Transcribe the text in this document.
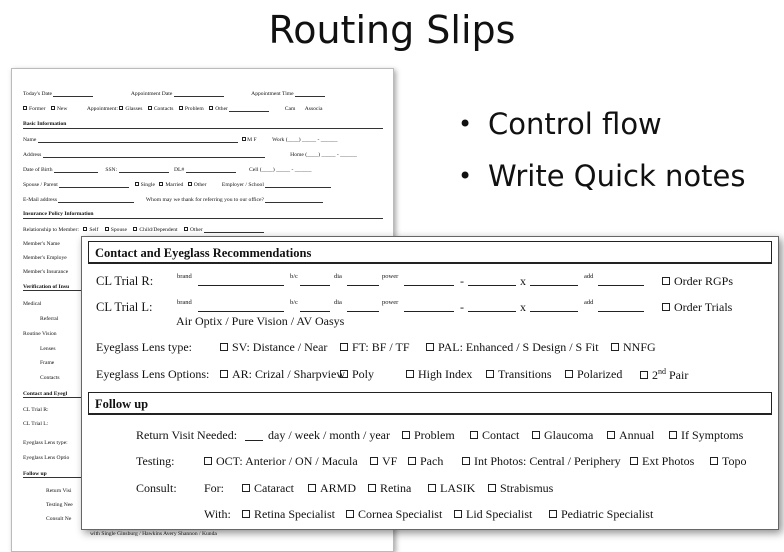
Routing Slips
• Control flow
• Write Quick notes
Today's Date	Appointment Date	Appointment Time
Former New	Appointment: Glasses Contacts Problem Other	Cam Associa
Basic Information
Name	M F	Work (____) _____ - ______
Address	Home (____) _____ - ______
Date of Birth	SSN:	DL#	Cell (____) _____ - ______
Spouse / Parent	Single Married Other	Employer / School
E-Mail address	Whom may we thank for referring you to our office?
Insurance Policy Information
Relationship to Member: Self Spouse Child/Dependent Other
Member's Name
Member's Employe
Member's Insurance
Verification of Insu
Medical
Referral
Routine Vision
Lenses
Frame
Contacts
Contact and Eyegl
CL Trial R:
CL Trial L:
Eyeglass Lens type:
Eyeglass Lens Optio
Follow up
Return Visi
Testing Nee
Consult Ne
with Single Ginsburg / Hawkins Avery Shannon / Kunda
Contact and Eyeglass Recommendations
CL Trial R:	brand	b/c	dia	power	-	x	add	Order RGPs
CL Trial L:	brand	b/c	dia	power	-	x	add	Order Trials
Air Optix / Pure Vision / AV Oasys
Eyeglass Lens type:	SV: Distance / Near	FT: BF / TF	PAL: Enhanced / S Design / S Fit	NNFG
Eyeglass Lens Options:	AR: Crizal / Sharpview Poly	High Index	Transitions	Polarized	2nd Pair
Follow up
Return Visit Needed:	day / week / month / year	Problem	Contact	Glaucoma	Annual	If Symptoms
Testing:	OCT: Anterior / ON / Macula	VF	Pach	Int Photos: Central / Periphery	Ext Photos	Topo
Consult: For:	Cataract	ARMD	Retina	LASIK	Strabismus
With:	Retina Specialist	Cornea Specialist	Lid Specialist	Pediatric Specialist
